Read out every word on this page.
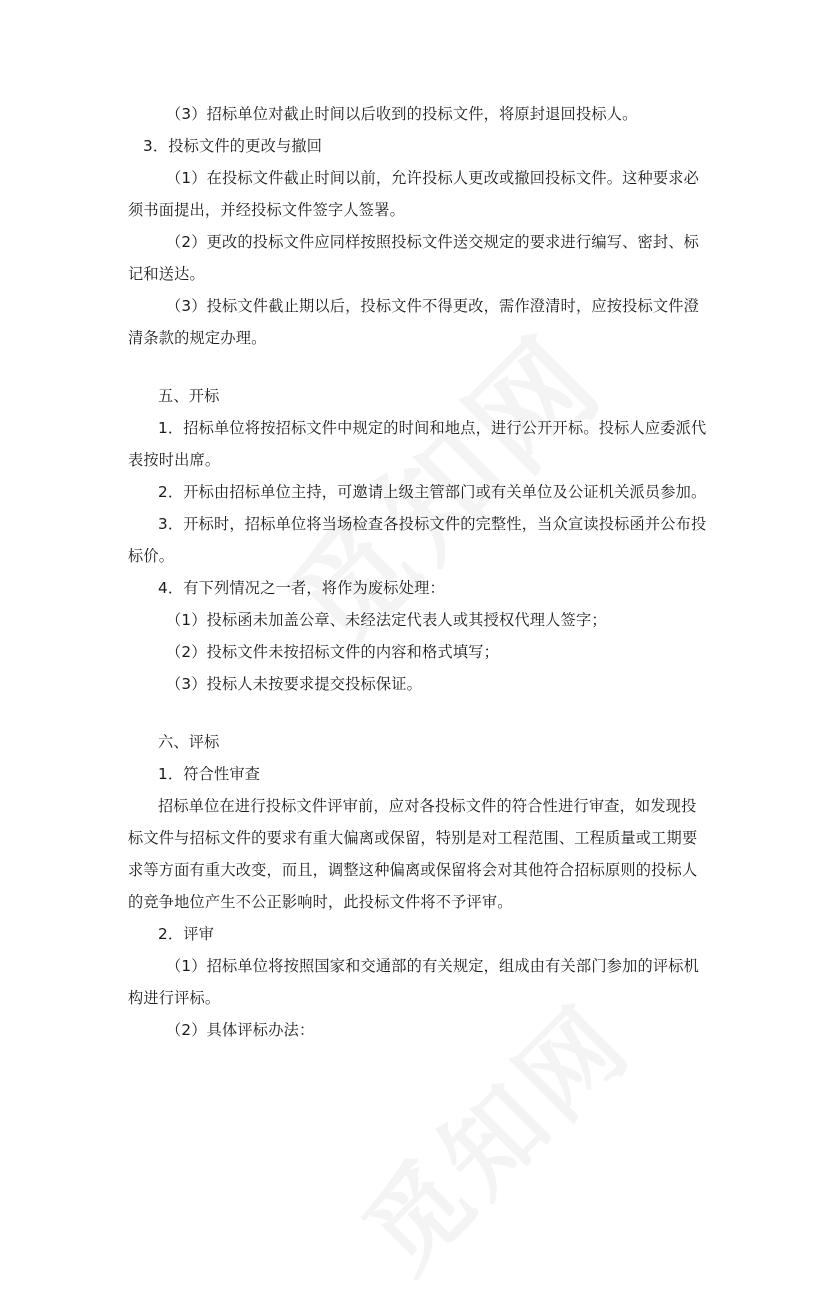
（3）招标单位对截止时间以后收到的投标文件，将原封退回投标人。

3．投标文件的更改与撤回

（1）在投标文件截止时间以前，允许投标人更改或撤回投标文件。这种要求必须书面提出，并经投标文件签字人签署。

（2）更改的投标文件应同样按照投标文件送交规定的要求进行编写、密封、标记和送达。

（3）投标文件截止期以后，投标文件不得更改，需作澄清时，应按投标文件澄清条款的规定办理。

五、开标

1．招标单位将按招标文件中规定的时间和地点，进行公开开标。投标人应委派代表按时出席。

2．开标由招标单位主持，可邀请上级主管部门或有关单位及公证机关派员参加。

3．开标时，招标单位将当场检查各投标文件的完整性，当众宣读投标函并公布投标价。

4．有下列情况之一者，将作为废标处理：

（1）投标函未加盖公章、未经法定代表人或其授权代理人签字；

（2）投标文件未按招标文件的内容和格式填写；

（3）投标人未按要求提交投标保证。

六、评标

1．符合性审查

招标单位在进行投标文件评审前，应对各投标文件的符合性进行审查，如发现投标文件与招标文件的要求有重大偏离或保留，特别是对工程范围、工程质量或工期要求等方面有重大改变，而且，调整这种偏离或保留将会对其他符合招标原则的投标人的竞争地位产生不公正影响时，此投标文件将不予评审。

2．评审

（1）招标单位将按照国家和交通部的有关规定，组成由有关部门参加的评标机构进行评标。

（2）具体评标办法：
